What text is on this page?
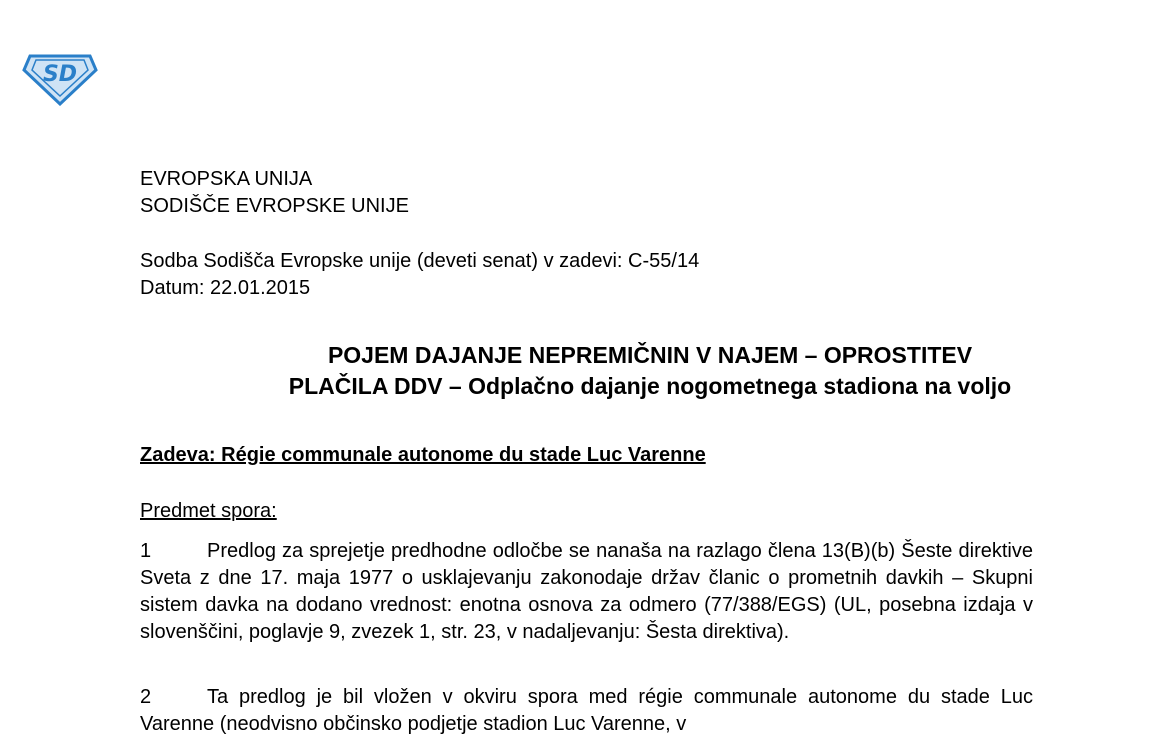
SD
EVROPSKA UNIJA
SODIŠČE EVROPSKE UNIJE
Sodba Sodišča Evropske unije (deveti senat) v zadevi: C-55/14
Datum: 22.01.2015
POJEM DAJANJE NEPREMIČNIN V NAJEM – OPROSTITEV
PLAČILA DDV – Odplačno dajanje nogometnega stadiona na voljo
Zadeva: Régie communale autonome du stade Luc Varenne
Predmet spora:
1	Predlog za sprejetje predhodne odločbe se nanaša na razlago člena 13(B)(b) Šeste direktive Sveta z dne 17. maja 1977 o usklajevanju zakonodaje držav članic o prometnih davkih – Skupni sistem davka na dodano vrednost: enotna osnova za odmero (77/388/EGS) (UL, posebna izdaja v slovenščini, poglavje 9, zvezek 1, str. 23, v nadaljevanju: Šesta direktiva).
2	Ta predlog je bil vložen v okviru spora med régie communale autonome du stade Luc Varenne (neodvisno občinsko podjetje stadion Luc Varenne, v
